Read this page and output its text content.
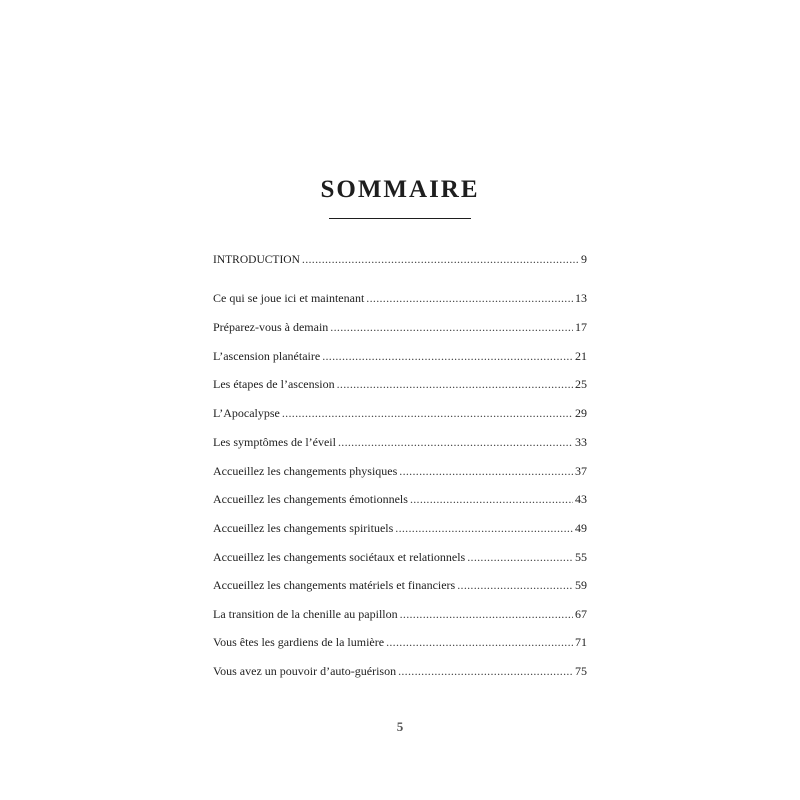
SOMMAIRE
INTRODUCTION .....	9
Ce qui se joue ici et maintenant .....	13
Préparez-vous à demain .....	17
L’ascension planétaire .....	21
Les étapes de l’ascension .....	25
L’Apocalypse .....	29
Les symptômes de l’éveil .....	33
Accueillez les changements physiques .....	37
Accueillez les changements émotionnels .....	43
Accueillez les changements spirituels .....	49
Accueillez les changements sociétaux et relationnels .....	55
Accueillez les changements matériels et financiers .....	59
La transition de la chenille au papillon .....	67
Vous êtes les gardiens de la lumière .....	71
Vous avez un pouvoir d’auto-guérison .....	75
5
